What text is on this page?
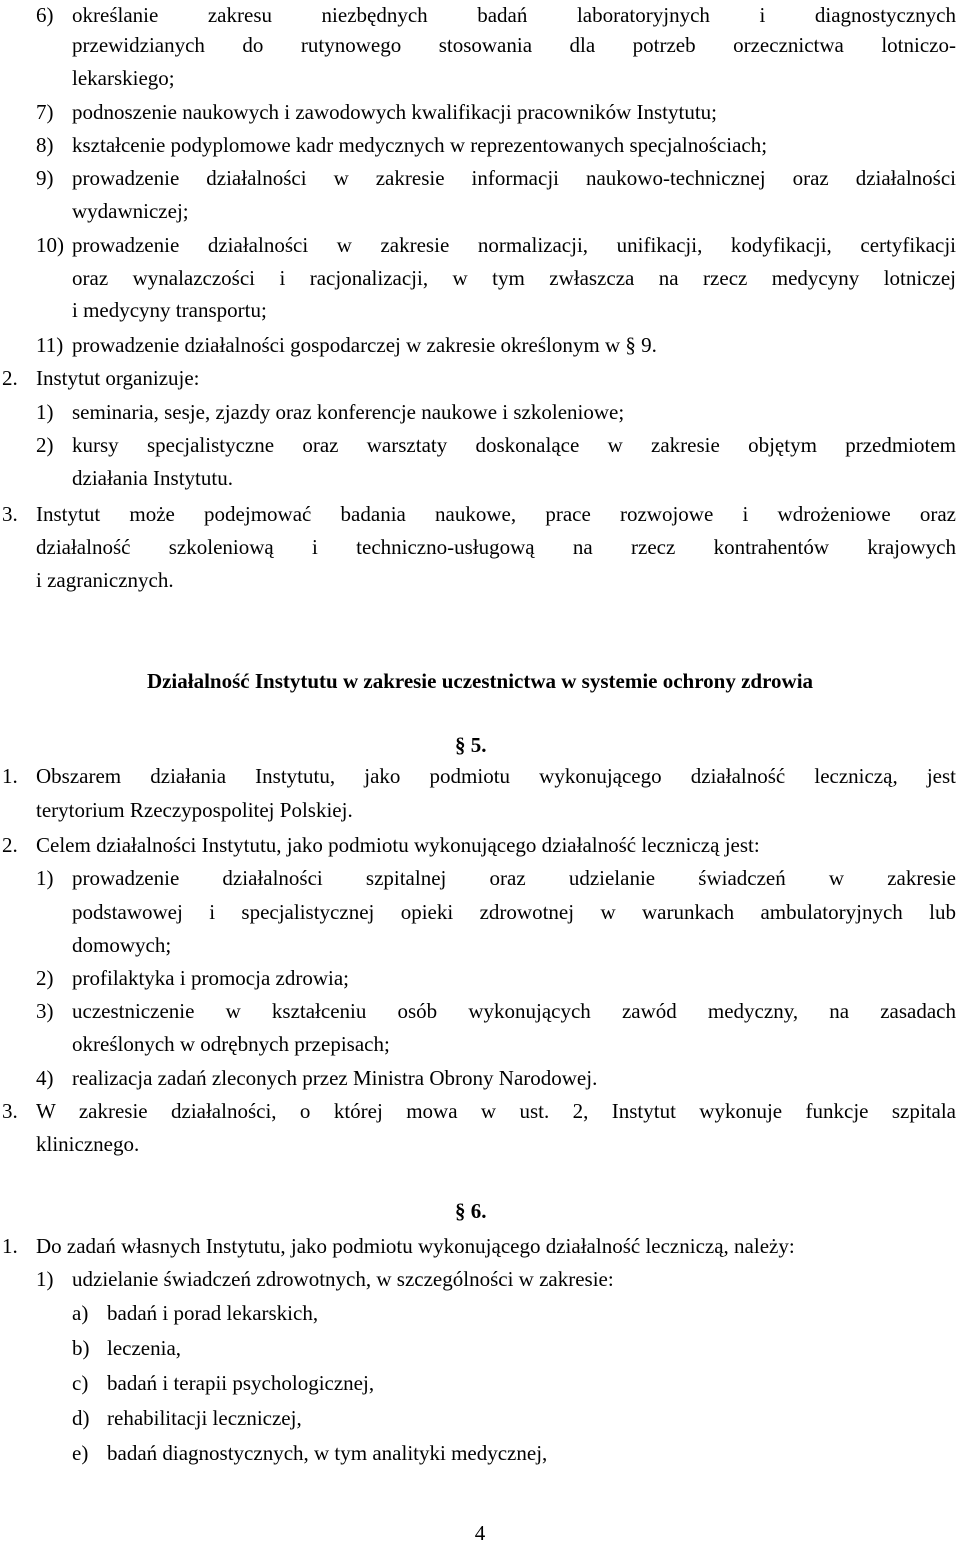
6) określanie zakresu niezbędnych badań laboratoryjnych i diagnostycznych
przewidzianych do rutynowego stosowania dla potrzeb orzecznictwa lotniczo-
lekarskiego;
7) podnoszenie naukowych i zawodowych kwalifikacji pracowników Instytutu;
8) kształcenie podyplomowe kadr medycznych w reprezentowanych specjalnościach;
9) prowadzenie działalności w zakresie informacji naukowo-technicznej oraz działalności
wydawniczej;
10) prowadzenie działalności w zakresie normalizacji, unifikacji, kodyfikacji, certyfikacji
oraz wynalazczości i racjonalizacji, w tym zwłaszcza na rzecz medycyny lotniczej
i medycyny transportu;
11) prowadzenie działalności gospodarczej w zakresie określonym w § 9.
2. Instytut organizuje:
1) seminaria, sesje, zjazdy oraz konferencje naukowe i szkoleniowe;
2) kursy specjalistyczne oraz warsztaty doskonalące w zakresie objętym przedmiotem
działania Instytutu.
3. Instytut może podejmować badania naukowe, prace rozwojowe i wdrożeniowe oraz
działalność szkoleniową i techniczno-usługową na rzecz kontrahentów krajowych
i zagranicznych.
1. Obszarem działania Instytutu, jako podmiotu wykonującego działalność leczniczą, jest
terytorium Rzeczypospolitej Polskiej.
2. Celem działalności Instytutu, jako podmiotu wykonującego działalność leczniczą jest:
1) prowadzenie działalności szpitalnej oraz udzielanie świadczeń w zakresie
podstawowej i specjalistycznej opieki zdrowotnej w warunkach ambulatoryjnych lub
domowych;
2) profilaktyka i promocja zdrowia;
3) uczestniczenie w kształceniu osób wykonujących zawód medyczny, na zasadach
określonych w odrębnych przepisach;
4) realizacja zadań zleconych przez Ministra Obrony Narodowej.
3. W zakresie działalności, o której mowa w ust. 2, Instytut wykonuje funkcje szpitala
klinicznego.
1. Do zadań własnych Instytutu, jako podmiotu wykonującego działalność leczniczą, należy:
1) udzielanie świadczeń zdrowotnych, w szczególności w zakresie:
a) badań i porad lekarskich,
b) leczenia,
c) badań i terapii psychologicznej,
d) rehabilitacji leczniczej,
e) badań diagnostycznych, w tym analityki medycznej,
Działalność Instytutu w zakresie uczestnictwa w systemie ochrony zdrowia
§ 5.
§ 6.
4
